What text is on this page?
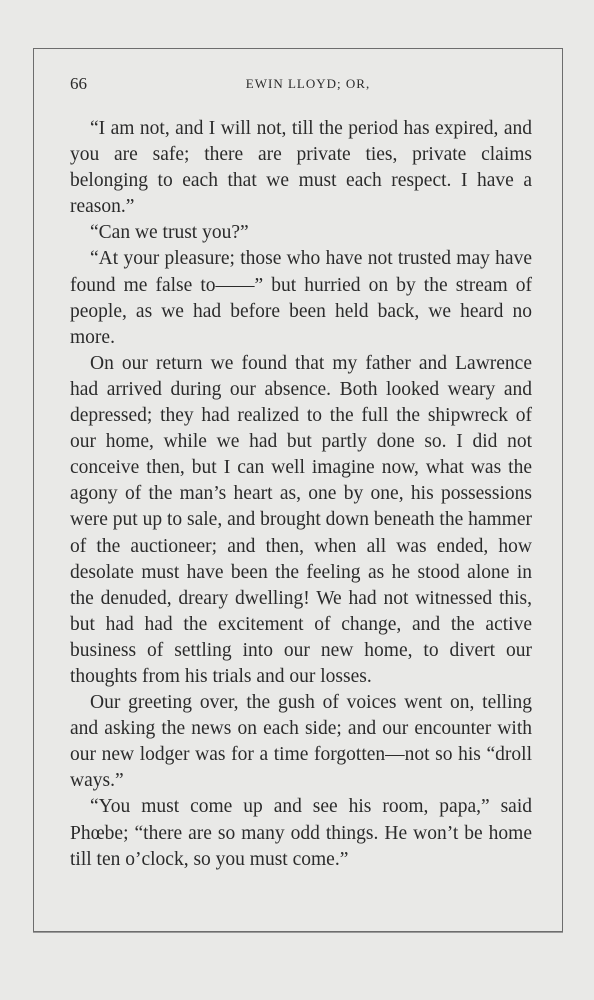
66	EWIN LLOYD; OR,

“I am not, and I will not, till the period has expired, and you are safe; there are private ties, private claims belonging to each that we must each respect. I have a reason.”

“Can we trust you?”

“At your pleasure; those who have not trusted may have found me false to——” but hurried on by the stream of people, as we had before been held back, we heard no more.

On our return we found that my father and Lawrence had arrived during our absence. Both looked weary and depressed; they had realized to the full the shipwreck of our home, while we had but partly done so. I did not conceive then, but I can well imagine now, what was the agony of the man’s heart as, one by one, his possessions were put up to sale, and brought down beneath the hammer of the auctioneer; and then, when all was ended, how desolate must have been the feeling as he stood alone in the denuded, dreary dwelling! We had not witnessed this, but had had the excitement of change, and the active business of settling into our new home, to divert our thoughts from his trials and our losses.

Our greeting over, the gush of voices went on, telling and asking the news on each side; and our encounter with our new lodger was for a time forgotten—not so his “droll ways.”

“You must come up and see his room, papa,” said Phœbe; “there are so many odd things. He won’t be home till ten o’clock, so you must come.”
